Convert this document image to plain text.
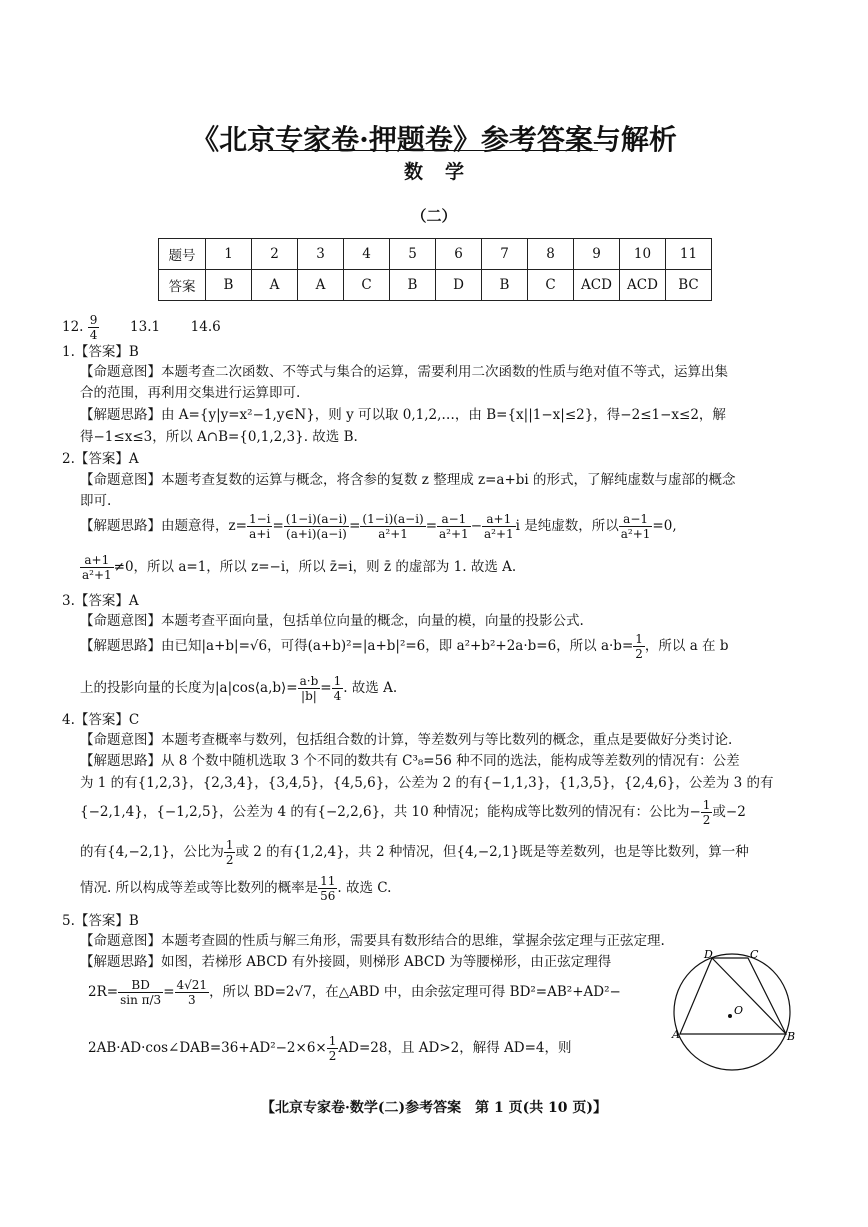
《北京专家卷·押题卷》参考答案与解析
数学
（二）
题号	1	2	3	4	5	6	7	8	9	10	11
答案	B	A	A	C	B	D	B	C	ACD	ACD	BC
12. $\frac{9}{4} 13.1$ 14.6
1.【答案】B
【命题意图】本题考查二次函数、不等式与集合的运算，需要利用二次函数的性质与绝对值不等式，运算出集
合的范围，再利用交集进行运算即可.
【解题思路】由 A={y|y=x²−1,y∈N}，则 y 可以取 0,1,2,…，由 B={x||1−x|≤2}，得−2≤1−x≤2，解
得−1≤x≤3，所以 A∩B={0,1,2,3}. 故选 B.
2.【答案】A
【命题意图】本题考查复数的运算与概念，将含参的复数 z 整理成 z=a+bi 的形式，了解纯虚数与虚部的概念
即可.
【解题思路】由题意得，$z= \frac{1-i}{a+i} = \frac{(1-i)(a-i)}{(a+i)(a-i)} = \frac{(1-i)(a-i)}{\text{a²+1}} = \frac{a-1}{\text{a²+1}} - \frac{a+1}{\text{a²+1}}$ i 是纯虚数，所以 $\frac{a-1}{\text{a²+1}} =0$,
$\frac{a+1}{\text{a²+1}} \ne 0$，所以 a=1，所以 z=−i，所以 z̄=i，则 z̄ 的虚部为 1. 故选 A.
3.【答案】A
【命题意图】本题考查平面向量，包括单位向量的概念，向量的模，向量的投影公式.
【解题思路】由已知|a+b|=√6，可得(a+b)²=|a+b|²=6，即 a²+b²+2a·b=6，所以 $a\cdot b= \frac{1}{2}$ ，所以 a 在 b
上的投影向量的长度为|a|cos⟨a,b⟩= $\frac{a\cdot b}{|b|} = \frac{1}{4}$ . 故选 A.
4.【答案】C
【命题意图】本题考查概率与数列，包括组合数的计算，等差数列与等比数列的概念，重点是要做好分类讨论.
【解题思路】从 8 个数中随机选取 3 个不同的数共有 C³₈=56 种不同的选法，能构成等差数列的情况有：公差
为 1 的有{1,2,3}，{2,3,4}，{3,4,5}，{4,5,6}，公差为 2 的有{−1,1,3}，{1,3,5}，{2,4,6}，公差为 3 的有
{−2,1,4}，{−1,2,5}，公差为 4 的有{−2,2,6}，共 10 种情况；能构成等比数列的情况有：公比为− $\frac{1}{2}$ 或−2
的有{4,−2,1}，公比为 $\frac{1}{2}$ 或 2 的有{1,2,4}，共 2 种情况，但{4,−2,1}既是等差数列，也是等比数列，算一种
情况. 所以构成等差或等比数列的概率是 $\frac{11}{56}$ . 故选 C.
5.【答案】B
【命题意图】本题考查圆的性质与解三角形，需要具有数形结合的思维，掌握余弦定理与正弦定理.
【解题思路】如图，若梯形 ABCD 有外接圆，则梯形 ABCD 为等腰梯形，由正弦定理得
$2R= \frac{BD}{\text{sin π/3}} = \frac{4√21}{3}$ ，所以 BD=2√7，在△ABD 中，由余弦定理可得 BD²=AB²+AD²−
2AB·AD·cos∠DAB=36+AD²−2×6× $\frac{1}{2} AD=28$，且 AD>2，解得 AD=4，则
A	B
C
D
O
【北京专家卷·数学(二)参考答案　第 1 页(共 10 页)】
